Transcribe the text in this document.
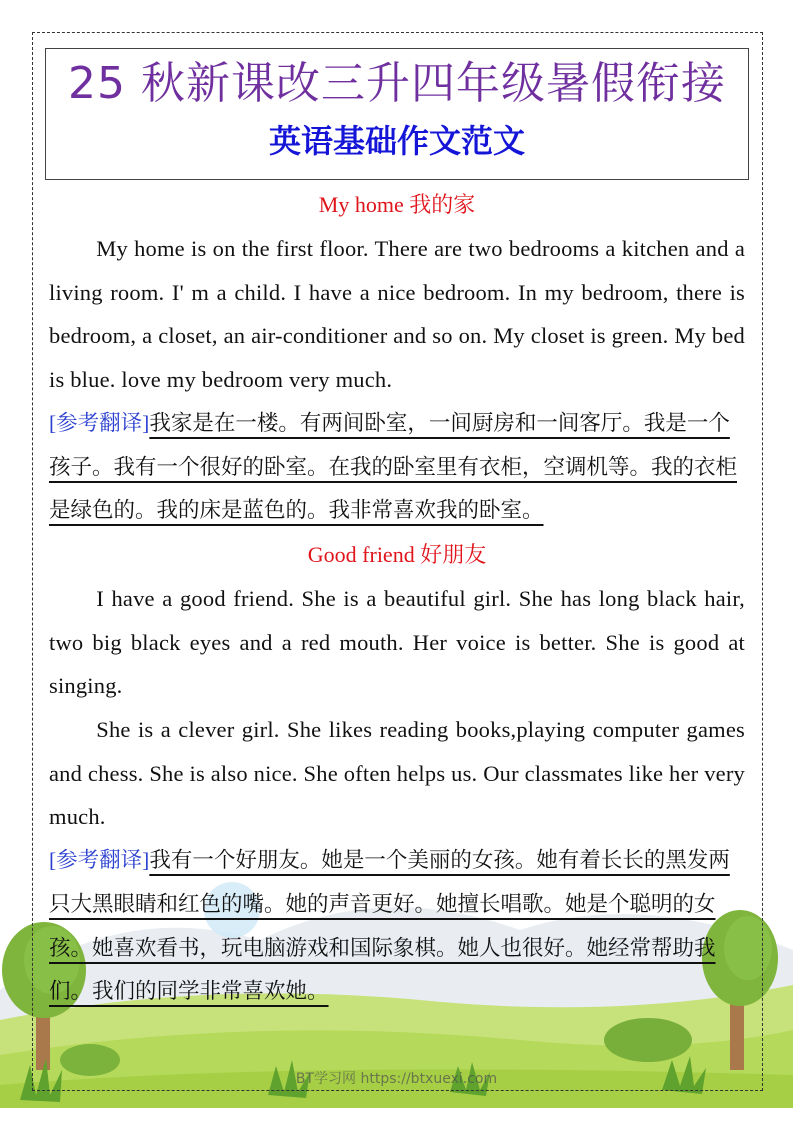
25 秋新课改三升四年级暑假衔接
英语基础作文范文
My home 我的家

My home is on the first floor. There are two bedrooms a kitchen and a living room. I' m a child. I have a nice bedroom. In my bedroom, there is bedroom, a closet, an air-conditioner and so on. My closet is green. My bed is blue. love my bedroom very much.

[参考翻译]我家是在一楼。有两间卧室，一间厨房和一间客厅。我是一个孩子。我有一个很好的卧室。在我的卧室里有衣柜，空调机等。我的衣柜是绿色的。我的床是蓝色的。我非常喜欢我的卧室。

Good friend 好朋友

I have a good friend. She is a beautiful girl. She has long black hair, two big black eyes and a red mouth. Her voice is better. She is good at singing.

She is a clever girl. She likes reading books,playing computer games and chess. She is also nice. She often helps us. Our classmates like her very much.

[参考翻译]我有一个好朋友。她是一个美丽的女孩。她有着长长的黑发两只大黑眼睛和红色的嘴。她的声音更好。她擅长唱歌。她是个聪明的女孩。她喜欢看书，玩电脑游戏和国际象棋。她人也很好。她经常帮助我们。我们的同学非常喜欢她。

BT学习网 https://btxuexi.com
